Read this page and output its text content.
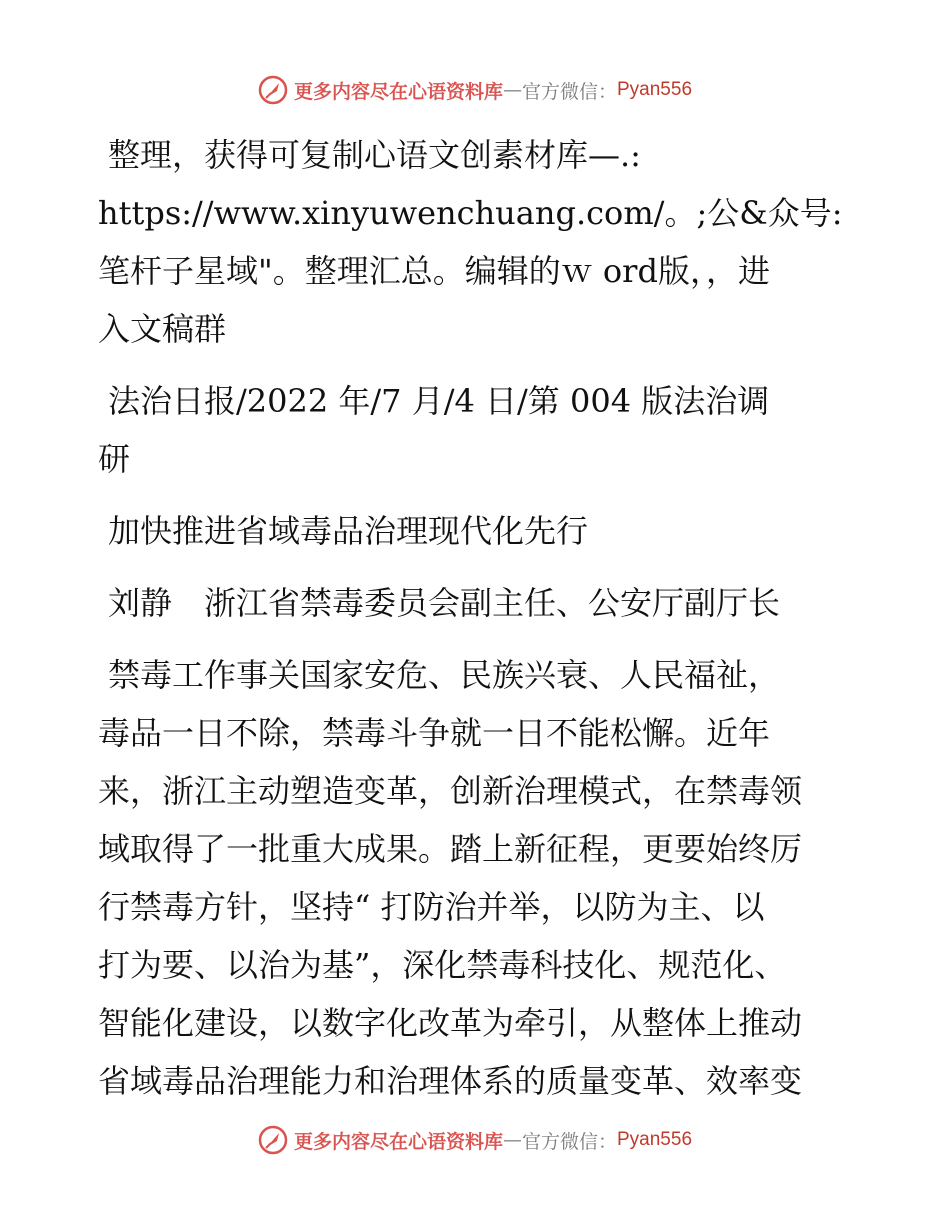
更多内容尽在心语资料库 — 官方微信： Pyan556

整理，获得可复制心语文创素材库—.:
https://www.xinyuwenchuang.com/。;公&众号:
笔杆子星域"。整理汇总。编辑的ｗ ord版，，进
入文稿群

法治日报/2022 年/7 月/4 日/第 004 版法治调
研

加快推进省域毒品治理现代化先行

刘静　浙江省禁毒委员会副主任、公安厅副厅长

禁毒工作事关国家安危、民族兴衰、人民福祉，
毒品一日不除，禁毒斗争就一日不能松懈。近年
来，浙江主动塑造变革，创新治理模式，在禁毒领
域取得了一批重大成果。踏上新征程，更要始终厉
行禁毒方针，坚持“ 打防治并举，以防为主、以
打为要、以治为基”，深化禁毒科技化、规范化、
智能化建设，以数字化改革为牵引，从整体上推动
省域毒品治理能力和治理体系的质量变革、效率变

更多内容尽在心语资料库 — 官方微信： Pyan556
